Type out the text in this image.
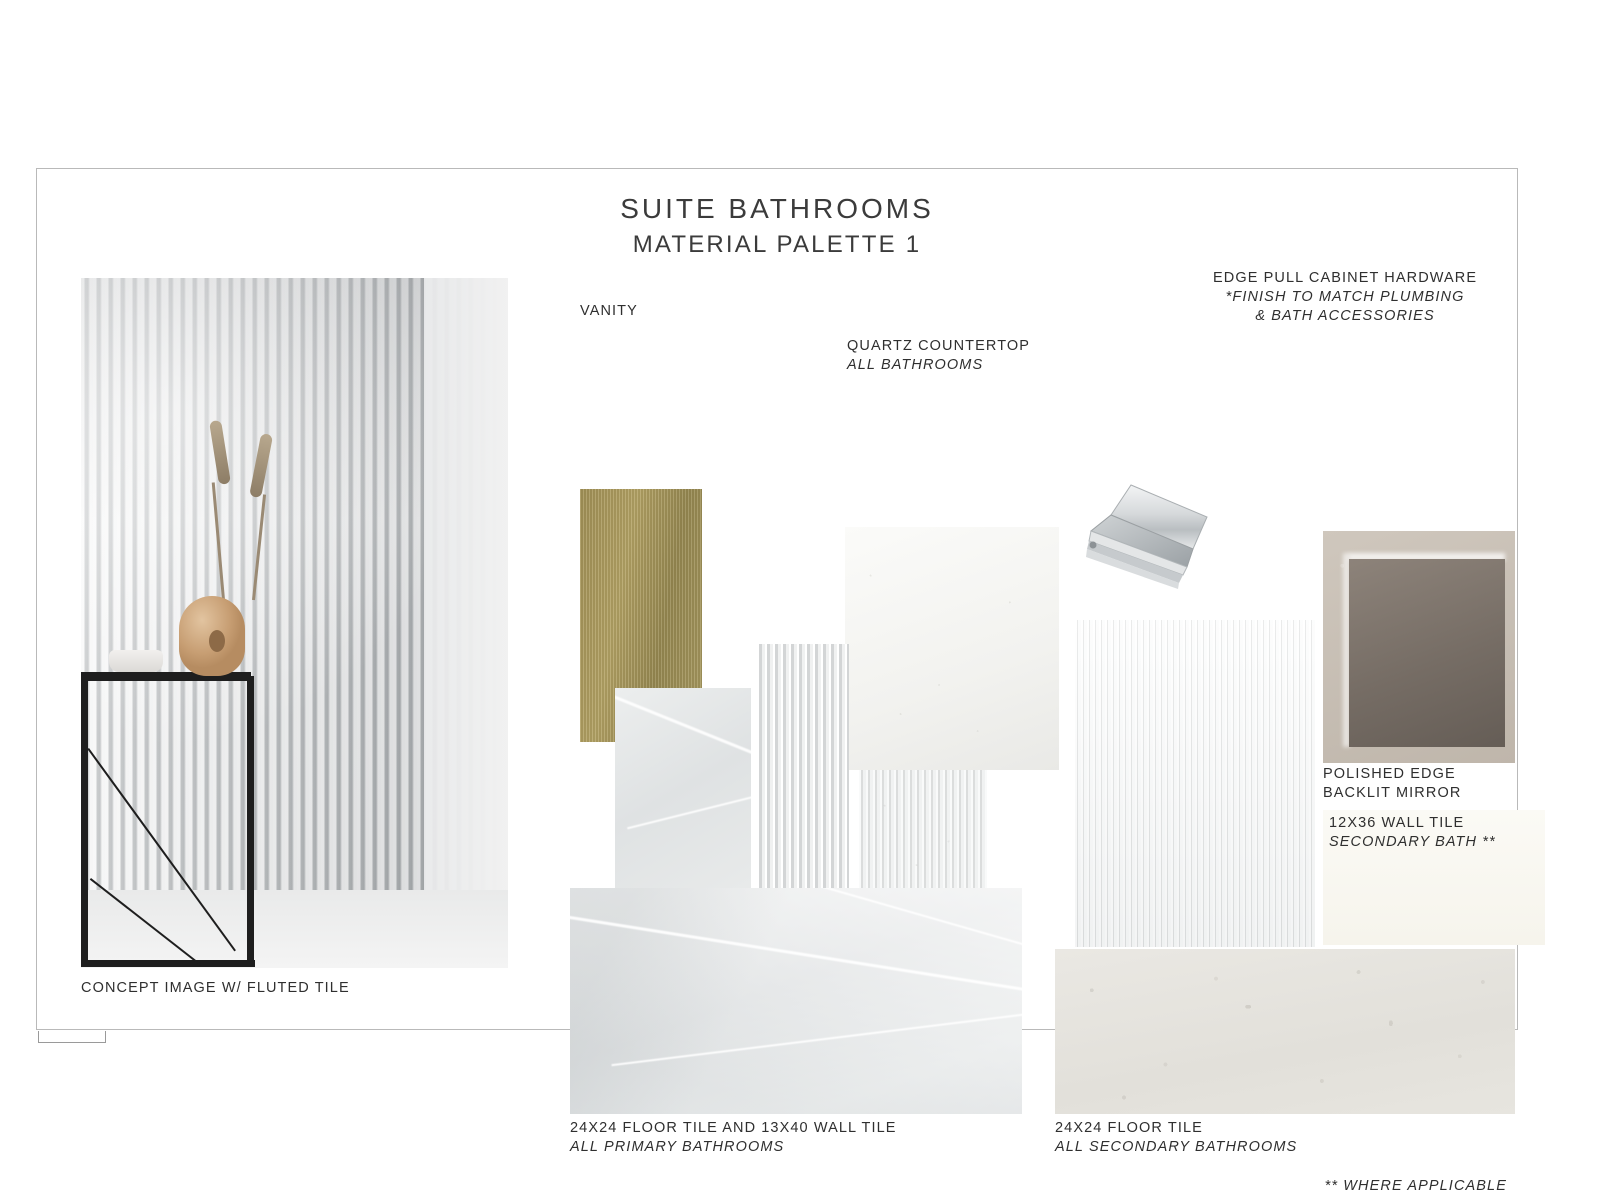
SUITE BATHROOMS
MATERIAL PALETTE 1
CONCEPT IMAGE W/ FLUTED TILE
VANITY
QUARTZ COUNTERTOP
ALL BATHROOMS
EDGE PULL CABINET HARDWARE
*FINISH TO MATCH PLUMBING
& BATH ACCESSORIES
24X24 FLOOR TILE AND 13X40 WALL TILE
ALL PRIMARY BATHROOMS
POLISHED EDGE
BACKLIT MIRROR
12X36 WALL TILE
SECONDARY BATH **
24X24 FLOOR TILE
ALL SECONDARY BATHROOMS
** WHERE APPLICABLE
